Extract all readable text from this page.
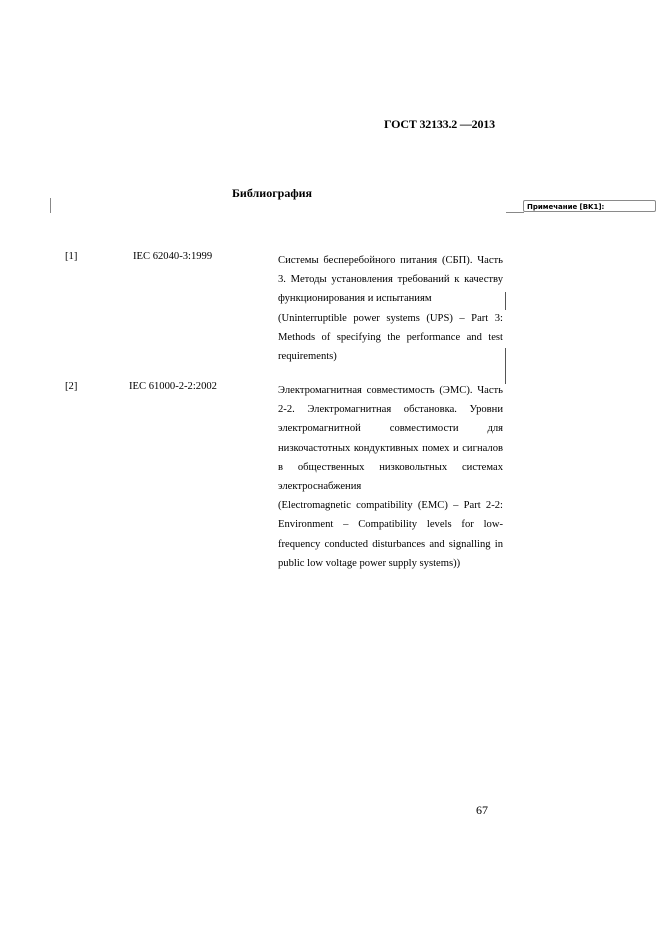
ГОСТ 32133.2 —2013
Библиография
Примечание [BK1]:
[1]	IEC 62040-3:1999	Системы бесперебойного питания (СБП). Часть 3. Методы установления требований к качеству функционирования и испытаниям

(Uninterruptible power systems (UPS) – Part 3: Methods of specifying the performance and test requirements)

[2]	IEC 61000-2-2:2002	Электромагнитная совместимость (ЭМС). Часть 2-2. Электромагнитная обстановка. Уровни электромагнитной совместимости для низкочастотных кондуктивных помех и сигналов в общественных низковольтных системах электроснабжения

(Electromagnetic compatibility (EMC) – Part 2-2: Environment – Compatibility levels for low-frequency conducted disturbances and signalling in public low voltage power supply systems))

67
